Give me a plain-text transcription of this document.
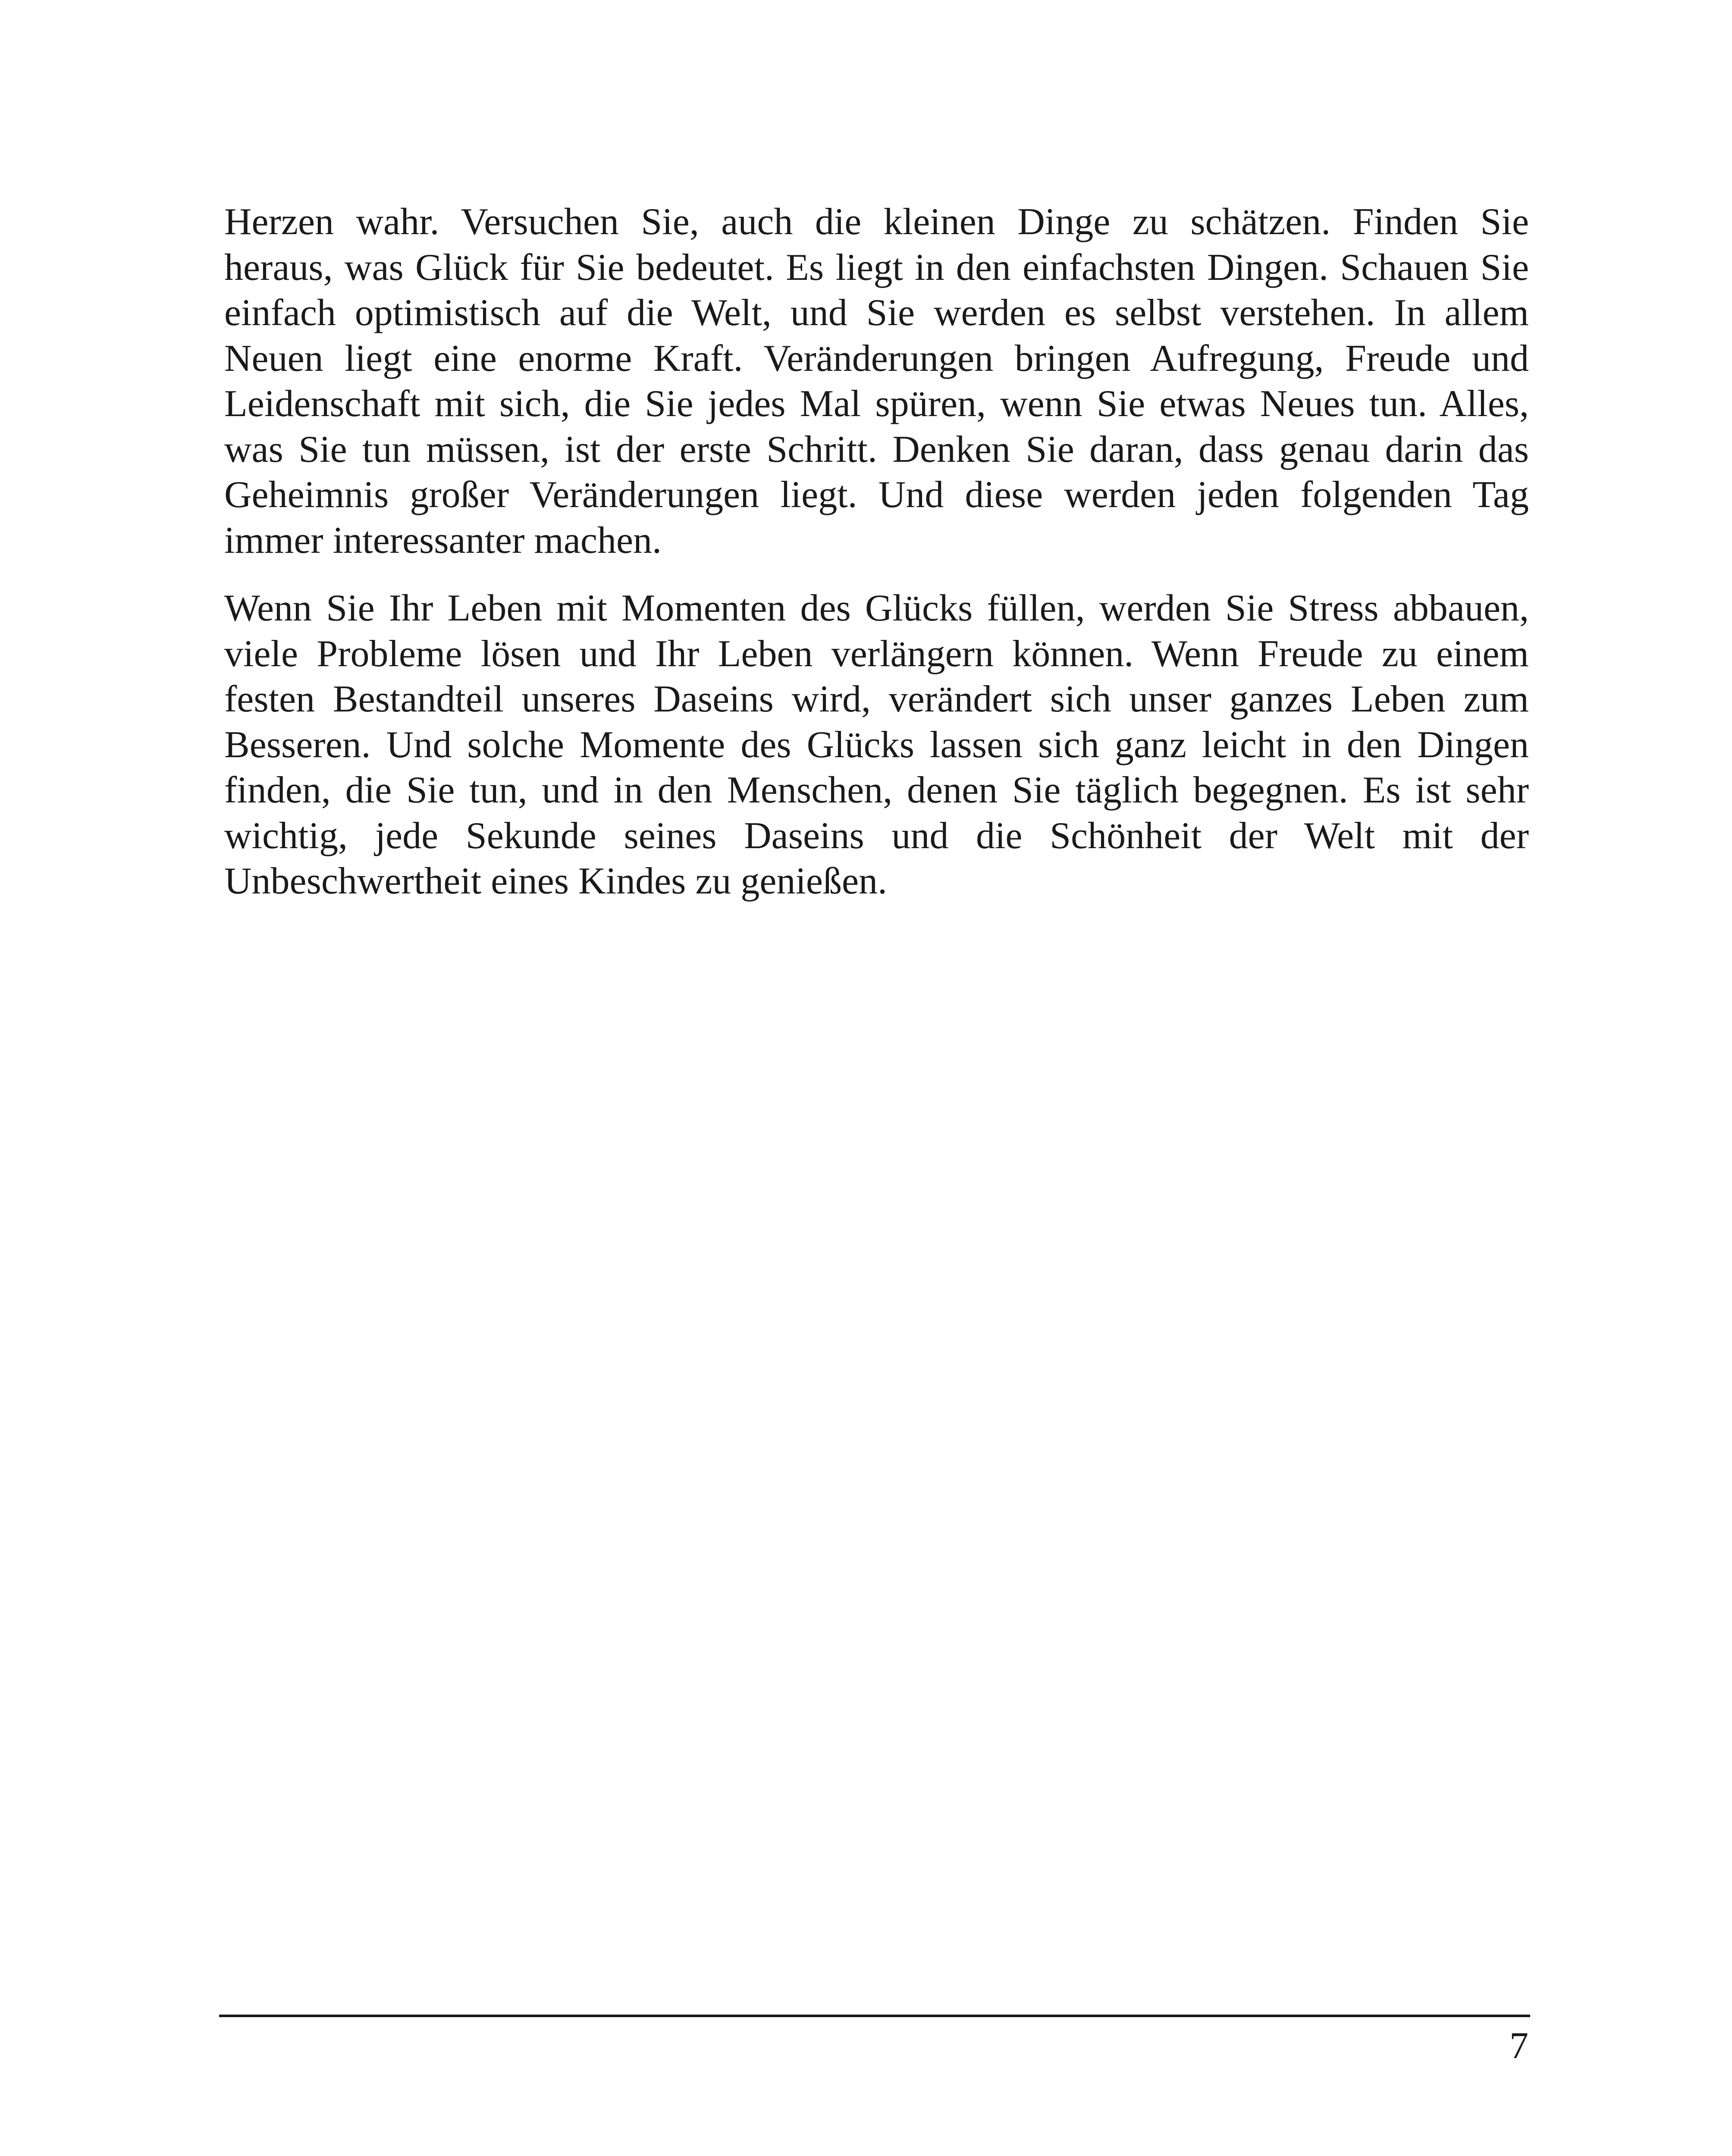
Herzen wahr. Versuchen Sie, auch die kleinen Dinge zu schätzen. Finden Sie
heraus, was Glück für Sie bedeutet. Es liegt in den einfachsten Dingen. Schauen Sie
einfach optimistisch auf die Welt, und Sie werden es selbst verstehen. In allem
Neuen liegt eine enorme Kraft. Veränderungen bringen Aufregung, Freude und
Leidenschaft mit sich, die Sie jedes Mal spüren, wenn Sie etwas Neues tun. Alles,
was Sie tun müssen, ist der erste Schritt. Denken Sie daran, dass genau darin das
Geheimnis großer Veränderungen liegt. Und diese werden jeden folgenden Tag
immer interessanter machen.
Wenn Sie Ihr Leben mit Momenten des Glücks füllen, werden Sie Stress abbauen,
viele Probleme lösen und Ihr Leben verlängern können. Wenn Freude zu einem
festen Bestandteil unseres Daseins wird, verändert sich unser ganzes Leben zum
Besseren. Und solche Momente des Glücks lassen sich ganz leicht in den Dingen
finden, die Sie tun, und in den Menschen, denen Sie täglich begegnen. Es ist sehr
wichtig, jede Sekunde seines Daseins und die Schönheit der Welt mit der
Unbeschwertheit eines Kindes zu genießen.
7
